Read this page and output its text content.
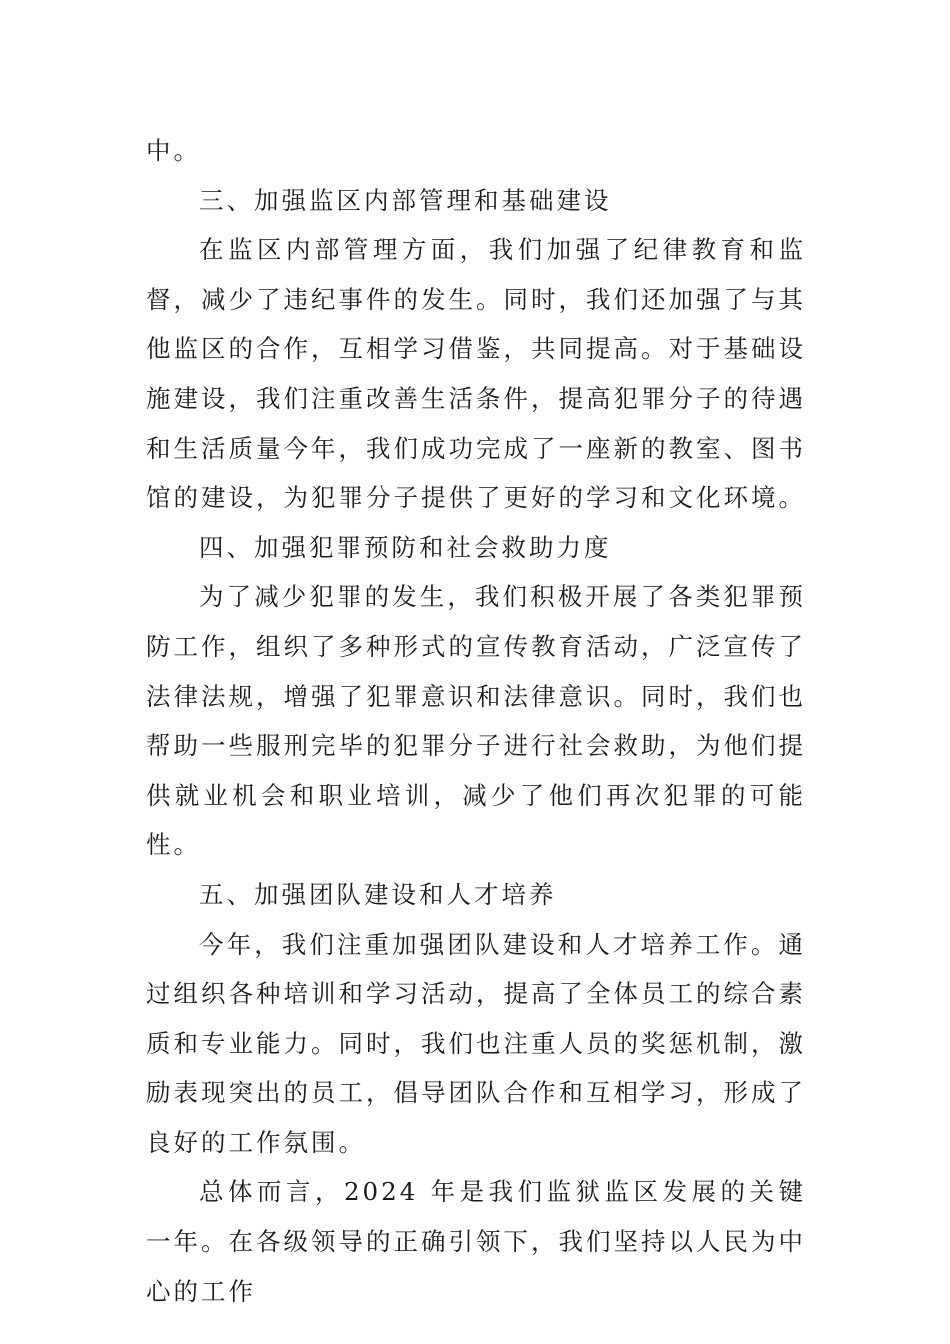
中。

三、加强监区内部管理和基础建设

在监区内部管理方面，我们加强了纪律教育和监督，减少了违纪事件的发生。同时，我们还加强了与其他监区的合作，互相学习借鉴，共同提高。对于基础设施建设，我们注重改善生活条件，提高犯罪分子的待遇和生活质量今年，我们成功完成了一座新的教室、图书馆的建设，为犯罪分子提供了更好的学习和文化环境。

四、加强犯罪预防和社会救助力度

为了减少犯罪的发生，我们积极开展了各类犯罪预防工作，组织了多种形式的宣传教育活动，广泛宣传了法律法规，增强了犯罪意识和法律意识。同时，我们也帮助一些服刑完毕的犯罪分子进行社会救助，为他们提供就业机会和职业培训，减少了他们再次犯罪的可能性。

五、加强团队建设和人才培养

今年，我们注重加强团队建设和人才培养工作。通过组织各种培训和学习活动，提高了全体员工的综合素质和专业能力。同时，我们也注重人员的奖惩机制，激励表现突出的员工，倡导团队合作和互相学习，形成了良好的工作氛围。

总体而言，2024 年是我们监狱监区发展的关键一年。在各级领导的正确引领下，我们坚持以人民为中心的工作
